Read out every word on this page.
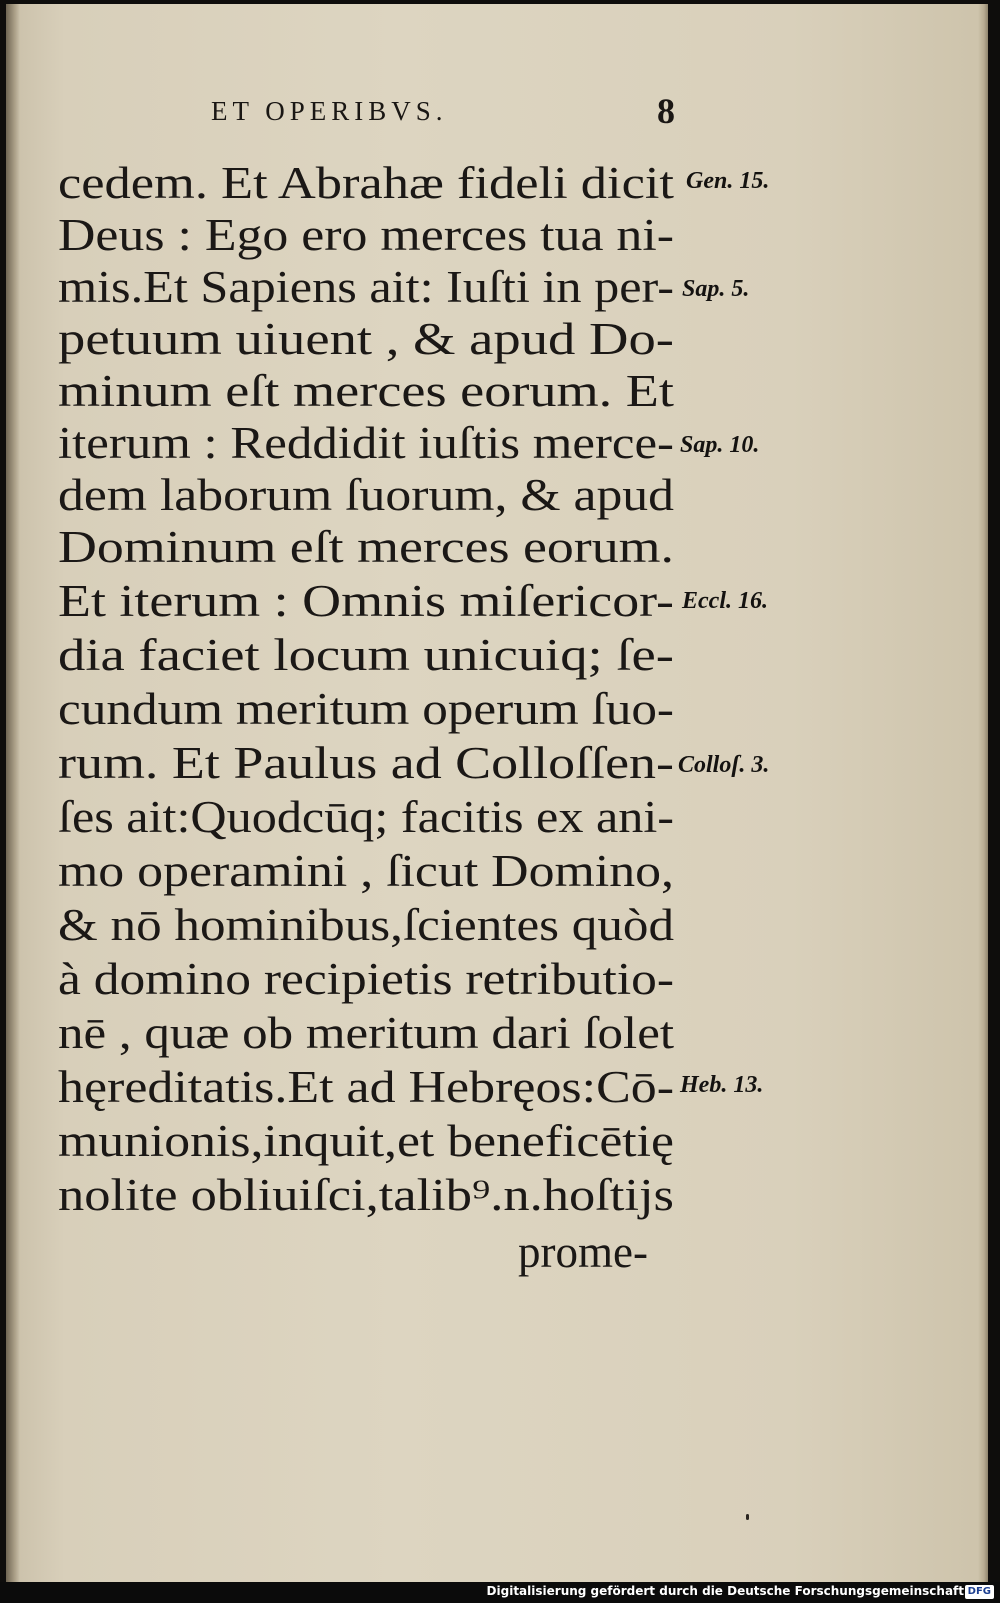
ET OPERIBVS.	8
cedem. Et Abrahæ fideli dicit
Deus : Ego ero merces tua ni-
mis.Et Sapiens ait: Iuſti in per-
petuum uiuent , & apud Do-
minum eſt merces eorum. Et
iterum : Reddidit iuſtis merce-
dem laborum ſuorum, & apud
Dominum eſt merces eorum.
Et iterum : Omnis miſericor-
dia faciet locum unicuiq; ſe-
cundum meritum operum ſuo-
rum. Et Paulus ad Colloſſen-
ſes ait:Quodcūq; facitis ex ani-
mo operamini , ſicut Domino,
& nō hominibus,ſcientes quòd
à domino recipietis retributio-
nē , quæ ob meritum dari ſolet
hęreditatis.Et ad Hebręos:Cō-
munionis,inquit,et beneficētię
nolite obliuiſci,talib⁹.n.hoſtijs
prome-
Gen. 15.
Sap. 5.
Sap. 10.
Eccl. 16.
Colloſ. 3.
Heb. 13.
Digitalisierung gefördert durch die Deutsche Forschungsgemeinschaft DFG
